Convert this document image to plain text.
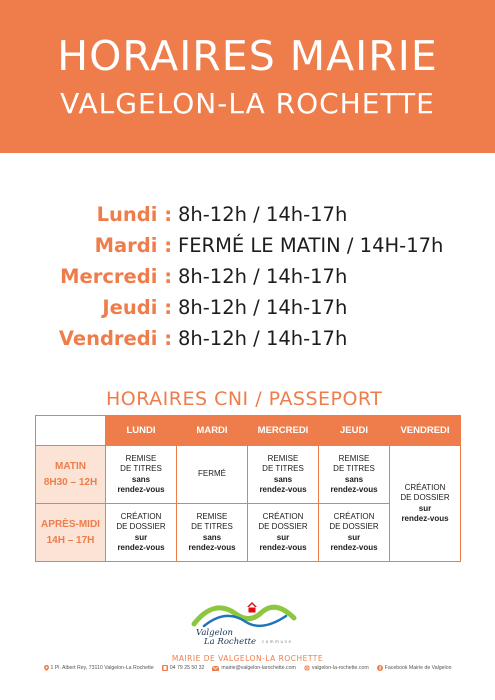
HORAIRES MAIRIE
VALGELON-LA ROCHETTE
Lundi : 8h-12h / 14h-17h
Mardi : FERMÉ LE MATIN / 14H-17h
Mercredi : 8h-12h / 14h-17h
Jeudi : 8h-12h / 14h-17h
Vendredi : 8h-12h / 14h-17h
HORAIRES CNI / PASSEPORT
	LUNDI	MARDI	MERCREDI	JEUDI	VENDREDI

MATIN
8H30 – 12H	REMISE
DE TITRES
sans
rendez-vous	FERMÉ	REMISE
DE TITRES
sans
rendez-vous	REMISE
DE TITRES
sans
rendez-vous	CRÉATION
DE DOSSIER
sur
rendez-vous

APRÈS-MIDI
14H – 17H	CRÉATION
DE DOSSIER
sur
rendez-vous	REMISE
DE TITRES
sans
rendez-vous	CRÉATION
DE DOSSIER
sur
rendez-vous	CRÉATION
DE DOSSIER
sur
rendez-vous	
Valgelon
La Rochette commune
MAIRIE DE VALGELON-LA ROCHETTE
1 Pl. Albert Rey, 73110 Valgelon-La Rochette	04 79 25 50 32	mairie@valgelon-larochette.com	valgelon-la-rochette.com	Facebook Mairie de Valgelon
